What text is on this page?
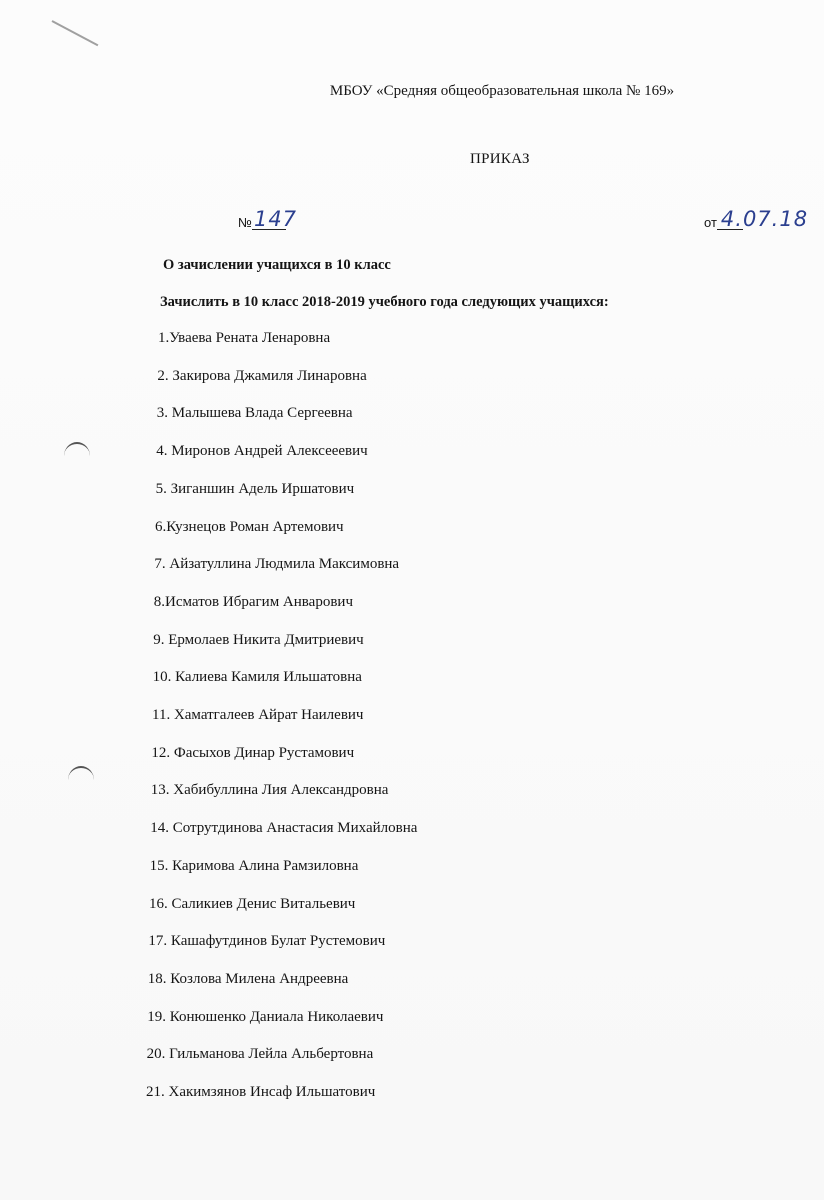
МБОУ «Средняя общеобразовательная школа № 169»
ПРИКАЗ
№ 147	от 4.07.18
О зачислении учащихся в 10 класс
Зачислить в 10 класс 2018-2019 учебного года следующих учащихся:
1.Уваева Рената Ленаровна
2. Закирова Джамиля Линаровна
3. Малышева Влада Сергеевна
4. Миронов Андрей Алексееевич
5. Зиганшин Адель Иршатович
6.Кузнецов Роман Артемович
7. Айзатуллина Людмила Максимовна
8.Исматов Ибрагим Анварович
9. Ермолаев Никита Дмитриевич
10. Калиева Камиля Ильшатовна
11. Хаматгалеев Айрат Наилевич
12. Фасыхов Динар Рустамович
13. Хабибуллина Лия Александровна
14. Сотрутдинова Анастасия Михайловна
15. Каримова Алина Рамзиловна
16. Саликиев Денис Витальевич
17. Кашафутдинов Булат Рустемович
18. Козлова Милена Андреевна
19. Конюшенко Даниала Николаевич
20. Гильманова Лейла Альбертовна
21. Хакимзянов Инсаф Ильшатович
